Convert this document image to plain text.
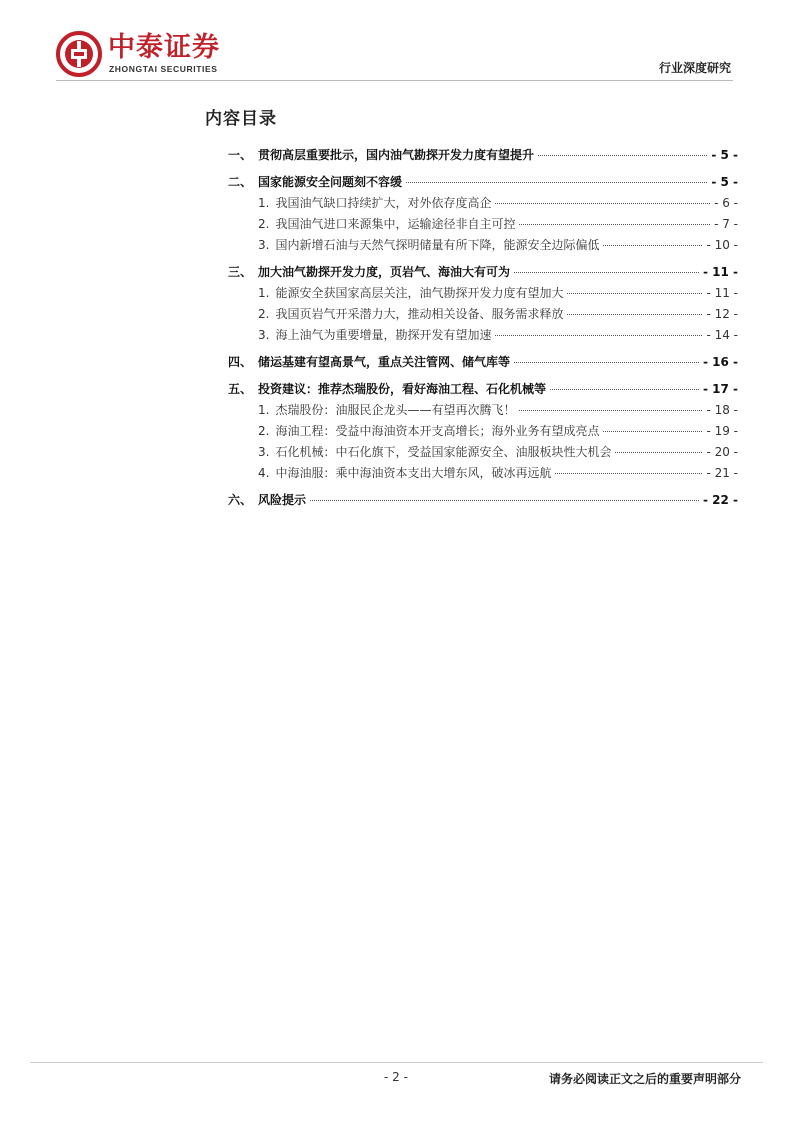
中泰证券
ZHONGTAI SECURITIES	行业深度研究
内容目录
一、 贯彻高层重要批示，国内油气勘探开发力度有望提升	- 5 -
二、 国家能源安全问题刻不容缓	- 5 -
1. 我国油气缺口持续扩大，对外依存度高企	- 6 -
2. 我国油气进口来源集中，运输途径非自主可控	- 7 -
3. 国内新增石油与天然气探明储量有所下降，能源安全边际偏低	- 10 -
三、 加大油气勘探开发力度，页岩气、海油大有可为	- 11 -
1. 能源安全获国家高层关注，油气勘探开发力度有望加大	- 11 -
2. 我国页岩气开采潜力大，推动相关设备、服务需求释放	- 12 -
3. 海上油气为重要增量，勘探开发有望加速	- 14 -
四、 储运基建有望高景气，重点关注管网、储气库等	- 16 -
五、 投资建议：推荐杰瑞股份，看好海油工程、石化机械等	- 17 -
1. 杰瑞股份：油服民企龙头——有望再次腾飞！	- 18 -
2. 海油工程：受益中海油资本开支高增长；海外业务有望成亮点	- 19 -
3. 石化机械：中石化旗下，受益国家能源安全、油服板块性大机会	- 20 -
4. 中海油服：乘中海油资本支出大增东风，破冰再远航	- 21 -
六、 风险提示	- 22 -
- 2 -	请务必阅读正文之后的重要声明部分
